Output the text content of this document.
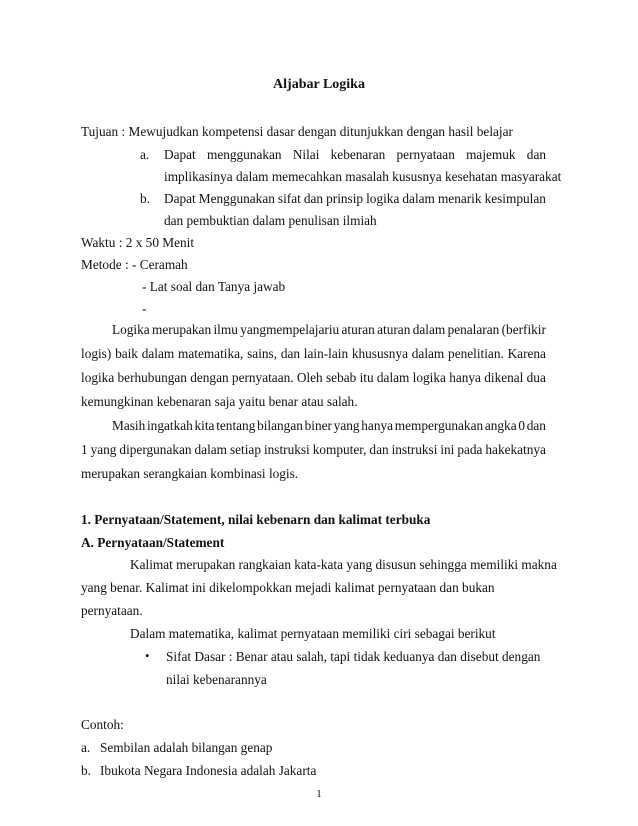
Aljabar Logika
Tujuan : Mewujudkan kompetensi dasar dengan ditunjukkan dengan hasil belajar
a. Dapat menggunakan Nilai kebenaran pernyataan majemuk dan
implikasinya dalam memecahkan masalah kususnya kesehatan masyarakat
b. Dapat Menggunakan sifat dan prinsip logika dalam menarik kesimpulan
dan pembuktian dalam penulisan ilmiah
Waktu : 2 x 50 Menit
Metode : - Ceramah
- Lat soal dan Tanya jawab
-
Logika merupakan ilmu yangmempelajariu aturan aturan dalam penalaran (berfikir
logis) baik dalam matematika, sains, dan lain-lain khususnya dalam penelitian. Karena
logika berhubungan dengan pernyataan. Oleh sebab itu dalam logika hanya dikenal dua
kemungkinan kebenaran saja yaitu benar atau salah.
Masih ingatkah kita tentang bilangan biner yang hanya mempergunakan angka 0 dan
1 yang dipergunakan dalam setiap instruksi komputer, dan instruksi ini pada hakekatnya
merupakan serangkaian kombinasi logis.
1. Pernyataan/Statement, nilai kebenarn dan kalimat terbuka
A. Pernyataan/Statement
Kalimat merupakan rangkaian kata-kata yang disusun sehingga memiliki makna
yang benar. Kalimat ini dikelompokkan mejadi kalimat pernyataan dan bukan
pernyataan.
Dalam matematika, kalimat pernyataan memiliki ciri sebagai berikut
• Sifat Dasar : Benar atau salah, tapi tidak keduanya dan disebut dengan
nilai kebenarannya
Contoh:
a. Sembilan adalah bilangan genap
b. Ibukota Negara Indonesia adalah Jakarta
1
